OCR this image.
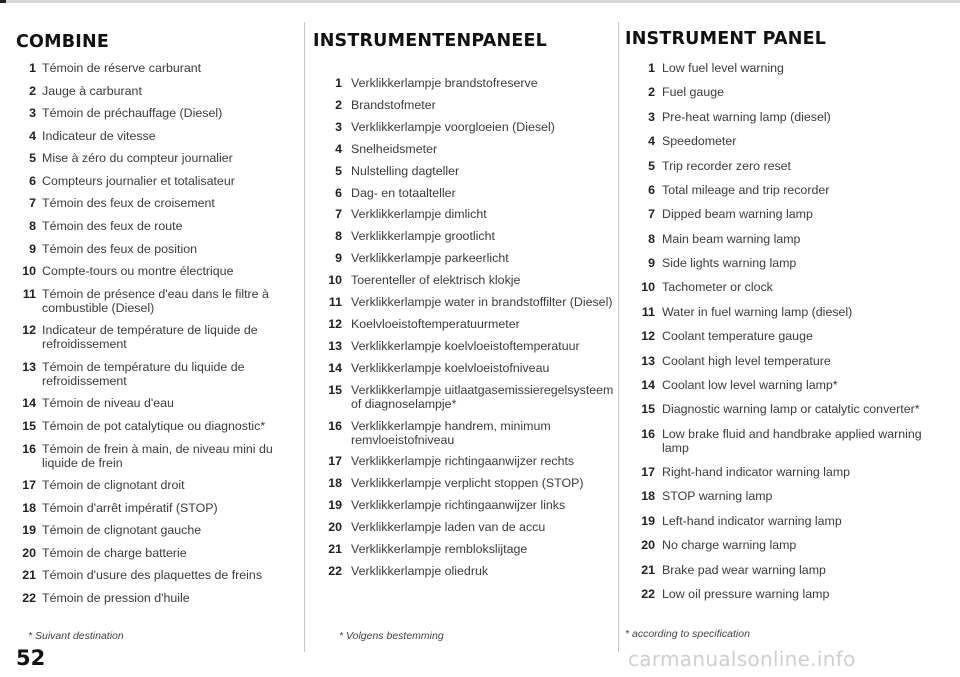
COMBINE
1 Témoin de réserve carburant
2 Jauge à carburant
3 Témoin de préchauffage (Diesel)
4 Indicateur de vitesse
5 Mise à zéro du compteur journalier
6 Compteurs journalier et totalisateur
7 Témoin des feux de croisement
8 Témoin des feux de route
9 Témoin des feux de position
10 Compte-tours ou montre électrique
11 Témoin de présence d'eau dans le filtre à
combustible (Diesel)
12 Indicateur de température de liquide de
refroidissement
13 Témoin de température du liquide de
refroidissement
14 Témoin de niveau d'eau
15 Témoin de pot catalytique ou diagnostic*
16 Témoin de frein à main, de niveau mini du
liquide de frein
17 Témoin de clignotant droit
18 Témoin d'arrêt impératif (STOP)
19 Témoin de clignotant gauche
20 Témoin de charge batterie
21 Témoin d'usure des plaquettes de freins
22 Témoin de pression d'huile
* Suivant destination
INSTRUMENTENPANEEL
1 Verklikkerlampje brandstofreserve
2 Brandstofmeter
3 Verklikkerlampje voorgloeien (Diesel)
4 Snelheidsmeter
5 Nulstelling dagteller
6 Dag- en totaalteller
7 Verklikkerlampje dimlicht
8 Verklikkerlampje grootlicht
9 Verklikkerlampje parkeerlicht
10 Toerenteller of elektrisch klokje
11 Verklikkerlampje water in brandstoffilter (Diesel)
12 Koelvloeistoftemperatuurmeter
13 Verklikkerlampje koelvloeistoftemperatuur
14 Verklikkerlampje koelvloeistofniveau
15 Verklikkerlampje uitlaatgasemissieregelsysteem
of diagnoselampje*
16 Verklikkerlampje handrem, minimum
remvloeistofniveau
17 Verklikkerlampje richtingaanwijzer rechts
18 Verklikkerlampje verplicht stoppen (STOP)
19 Verklikkerlampje richtingaanwijzer links
20 Verklikkerlampje laden van de accu
21 Verklikkerlampje remblokslijtage
22 Verklikkerlampje oliedruk
* Volgens bestemming
INSTRUMENT PANEL
1 Low fuel level warning
2 Fuel gauge
3 Pre-heat warning lamp (diesel)
4 Speedometer
5 Trip recorder zero reset
6 Total mileage and trip recorder
7 Dipped beam warning lamp
8 Main beam warning lamp
9 Side lights warning lamp
10 Tachometer or clock
11 Water in fuel warning lamp (diesel)
12 Coolant temperature gauge
13 Coolant high level temperature
14 Coolant low level warning lamp*
15 Diagnostic warning lamp or catalytic converter*
16 Low brake fluid and handbrake applied warning
lamp
17 Right-hand indicator warning lamp
18 STOP warning lamp
19 Left-hand indicator warning lamp
20 No charge warning lamp
21 Brake pad wear warning lamp
22 Low oil pressure warning lamp
* according to specification
52	carmanualsonline.info
